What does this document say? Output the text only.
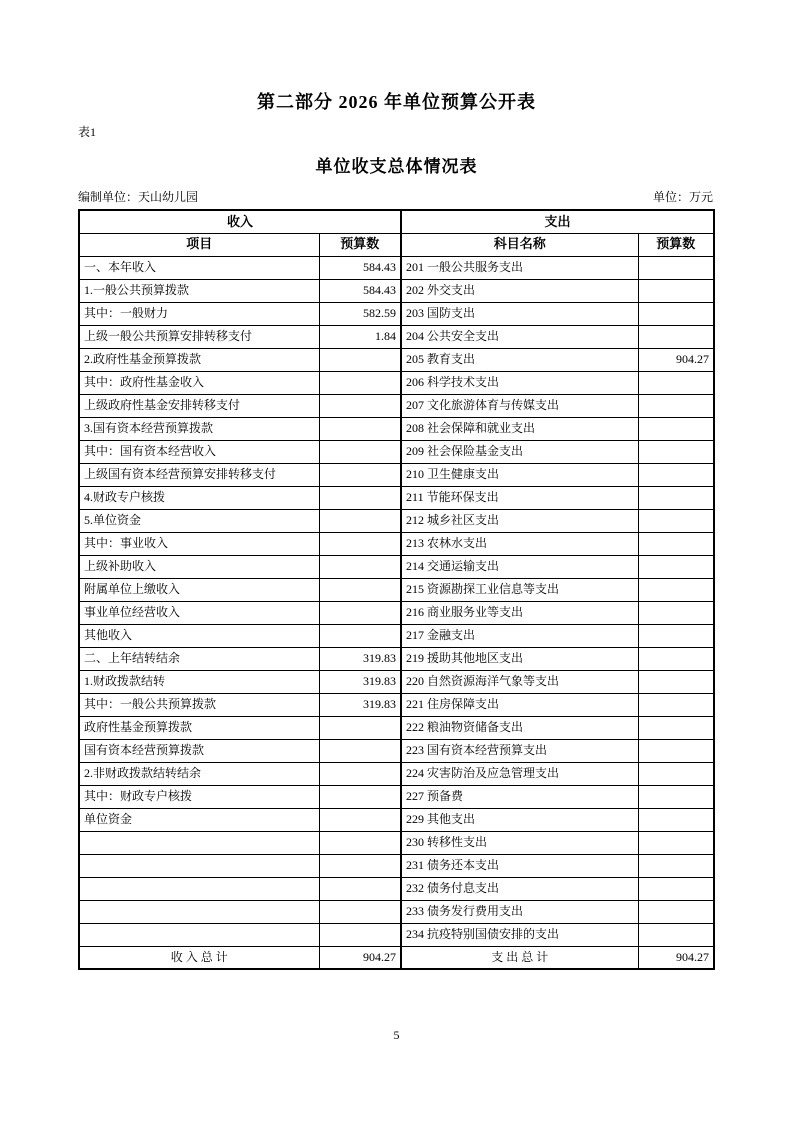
第二部分 2026 年单位预算公开表
表1
单位收支总体情况表
编制单位：天山幼儿园	单位：万元
收入		支出	
项目	预算数	科目名称	预算数
一、本年收入	584.43	201 一般公共服务支出	
1.一般公共预算拨款	584.43	202 外交支出	
其中：一般财力	582.59	203 国防支出	
上级一般公共预算安排转移支付	1.84	204 公共安全支出	
2.政府性基金预算拨款		205 教育支出	904.27
其中：政府性基金收入		206 科学技术支出	
上级政府性基金安排转移支付		207 文化旅游体育与传媒支出	
3.国有资本经营预算拨款		208 社会保障和就业支出	
其中：国有资本经营收入		209 社会保险基金支出	
上级国有资本经营预算安排转移支付		210 卫生健康支出	
4.财政专户核拨		211 节能环保支出	
5.单位资金		212 城乡社区支出	
其中：事业收入		213 农林水支出	
上级补助收入		214 交通运输支出	
附属单位上缴收入		215 资源勘探工业信息等支出	
事业单位经营收入		216 商业服务业等支出	
其他收入		217 金融支出	
二、上年结转结余	319.83	219 援助其他地区支出	
1.财政拨款结转	319.83	220 自然资源海洋气象等支出	
其中：一般公共预算拨款	319.83	221 住房保障支出	
政府性基金预算拨款		222 粮油物资储备支出	
国有资本经营预算拨款		223 国有资本经营预算支出	
2.非财政拨款结转结余		224 灾害防治及应急管理支出	
其中：财政专户核拨		227 预备费	
单位资金		229 其他支出	
		230 转移性支出	
		231 债务还本支出	
		232 债务付息支出	
		233 债务发行费用支出	
		234 抗疫特别国债安排的支出	
收 入 总 计	904.27	支 出 总 计	904.27
5
